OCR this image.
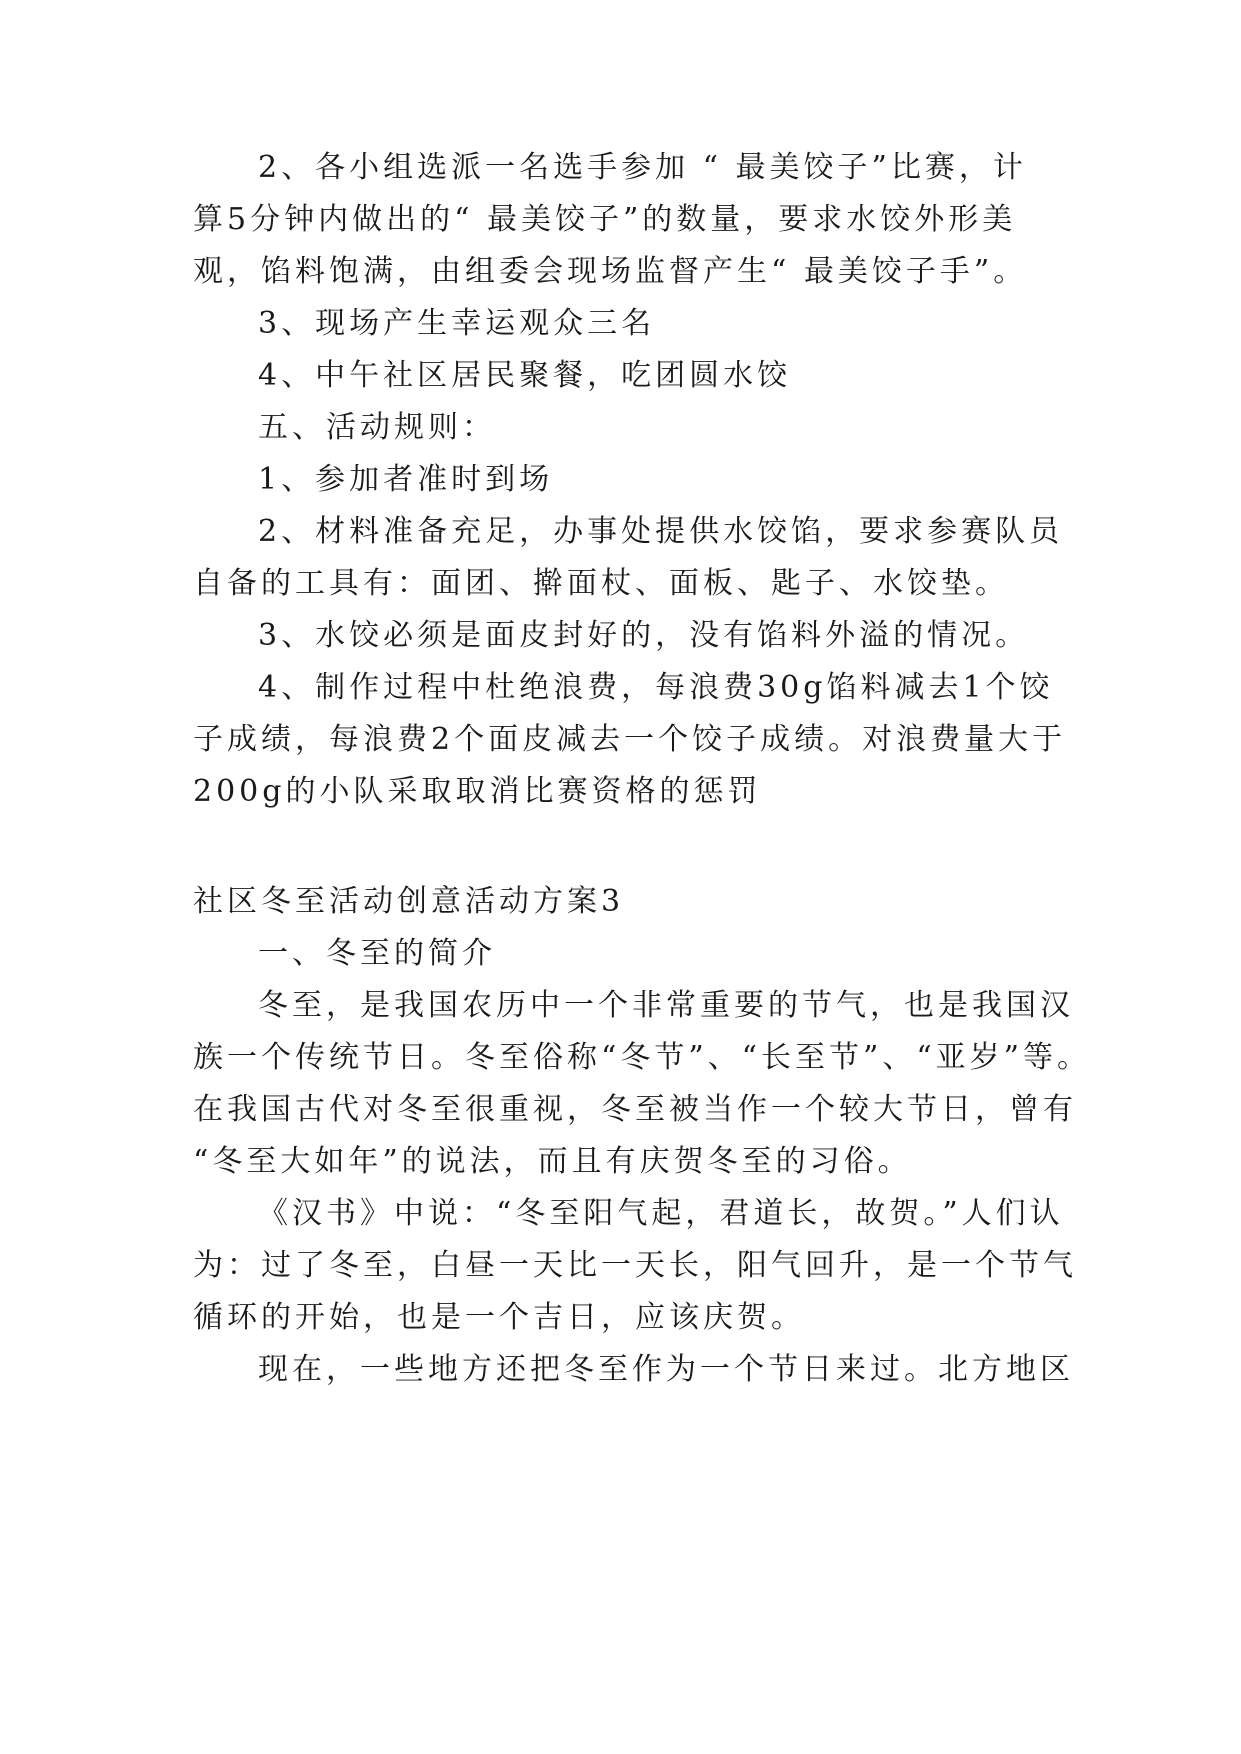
2、各小组选派一名选手参加 “ 最美饺子”比赛，计
算5分钟内做出的“ 最美饺子”的数量，要求水饺外形美
观，馅料饱满，由组委会现场监督产生“ 最美饺子手”。
3、现场产生幸运观众三名
4、中午社区居民聚餐，吃团圆水饺
五、活动规则：
1、参加者准时到场
2、材料准备充足，办事处提供水饺馅，要求参赛队员
自备的工具有：面团、擀面杖、面板、匙子、水饺垫。
3、水饺必须是面皮封好的，没有馅料外溢的情况。
4、制作过程中杜绝浪费，每浪费30g馅料减去1个饺
子成绩，每浪费2个面皮减去一个饺子成绩。对浪费量大于
200g的小队采取取消比赛资格的惩罚
社区冬至活动创意活动方案3
一、冬至的简介
冬至，是我国农历中一个非常重要的节气，也是我国汉
族一个传统节日。冬至俗称“冬节”、“长至节”、“亚岁”等。
在我国古代对冬至很重视，冬至被当作一个较大节日，曾有
“冬至大如年”的说法，而且有庆贺冬至的习俗。
《汉书》中说：“冬至阳气起，君道长，故贺。”人们认
为：过了冬至，白昼一天比一天长，阳气回升，是一个节气
循环的开始，也是一个吉日，应该庆贺。
现在，一些地方还把冬至作为一个节日来过。北方地区
